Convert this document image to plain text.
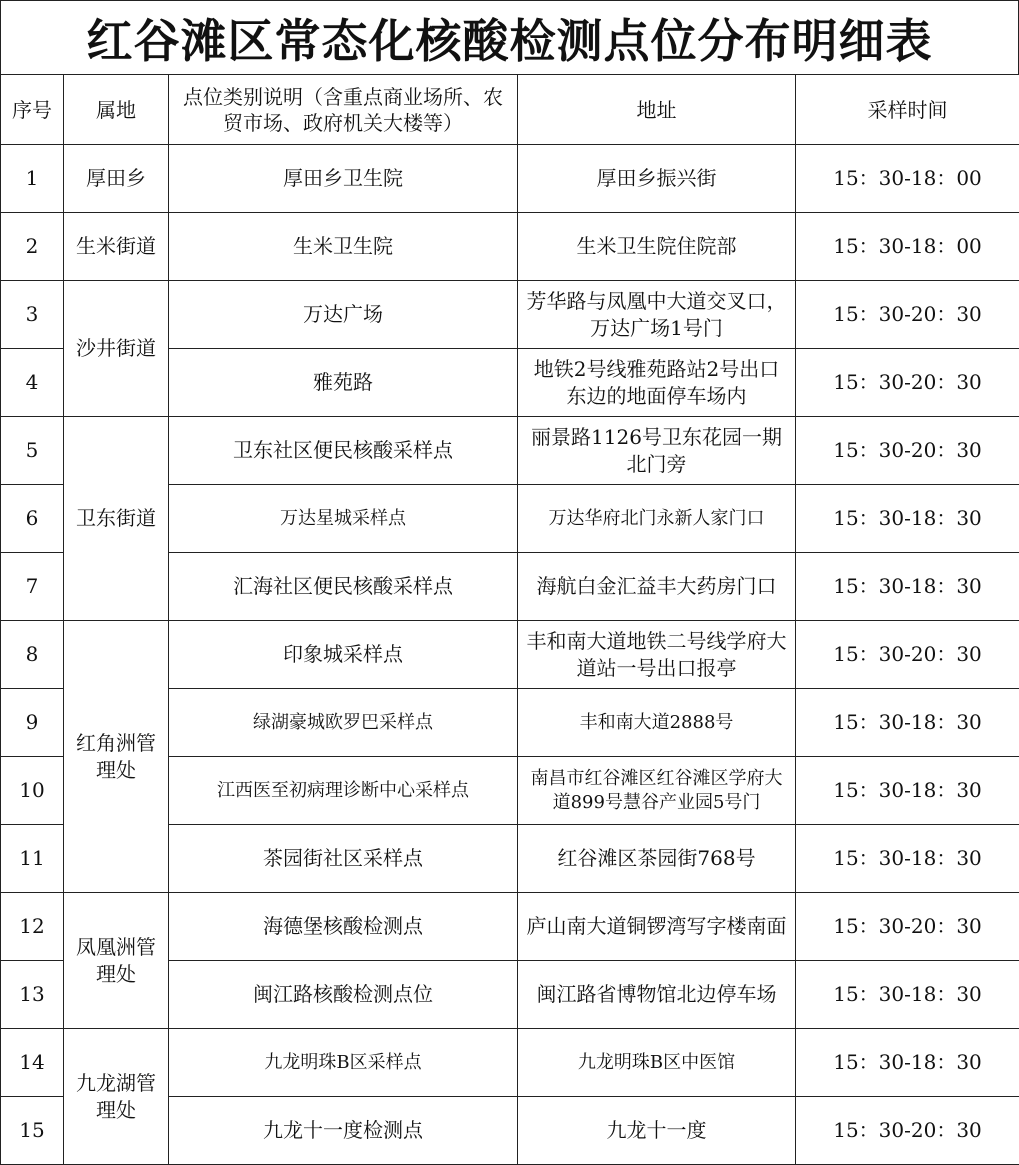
红谷滩区常态化核酸检测点位分布明细表
序号	属地	点位类别说明（含重点商业场所、农贸市场、政府机关大楼等）	地址	采样时间
1	厚田乡	厚田乡卫生院	厚田乡振兴街	15：30-18：00
2	生米街道	生米卫生院	生米卫生院住院部	15：30-18：00
3	沙井街道	万达广场	芳华路与凤凰中大道交叉口，万达广场1号门	15：30-20：30
4		雅苑路	地铁2号线雅苑路站2号出口东边的地面停车场内	15：30-20：30
5	卫东街道	卫东社区便民核酸采样点	丽景路1126号卫东花园一期北门旁	15：30-20：30
6		万达星城采样点	万达华府北门永新人家门口	15：30-18：30
7		汇海社区便民核酸采样点	海航白金汇益丰大药房门口	15：30-18：30
8	红角洲管理处	印象城采样点	丰和南大道地铁二号线学府大道站一号出口报亭	15：30-20：30
9		绿湖豪城欧罗巴采样点	丰和南大道2888号	15：30-18：30
10		江西医至初病理诊断中心采样点	南昌市红谷滩区红谷滩区学府大道899号慧谷产业园5号门	15：30-18：30
11		茶园街社区采样点	红谷滩区茶园街768号	15：30-18：30
12	凤凰洲管理处	海德堡核酸检测点	庐山南大道铜锣湾写字楼南面	15：30-20：30
13		闽江路核酸检测点位	闽江路省博物馆北边停车场	15：30-18：30
14	九龙湖管理处	九龙明珠B区采样点	九龙明珠B区中医馆	15：30-18：30
15		九龙十一度检测点	九龙十一度	15：30-20：30
